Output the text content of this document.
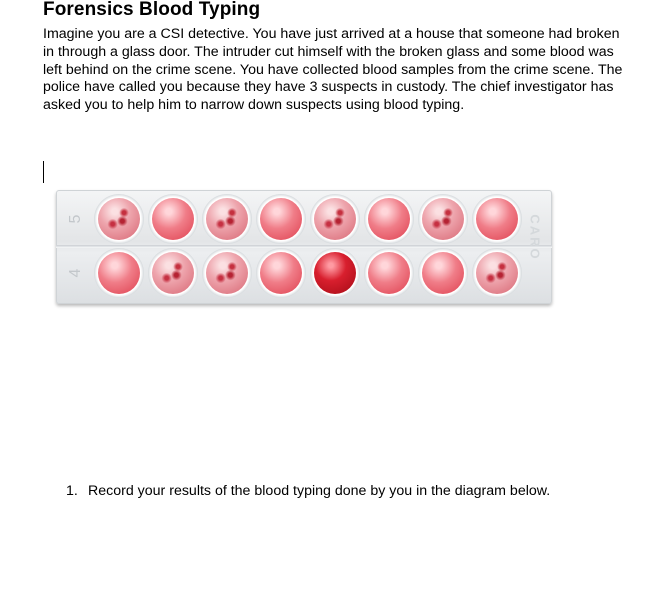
Forensics Blood Typing

Imagine you are a CSI detective. You have just arrived at a house that someone had broken in through a glass door. The intruder cut himself with the broken glass and some blood was left behind on the crime scene. You have collected blood samples from the crime scene. The police have called you because they have 3 suspects in custody. The chief investigator has asked you to help him to narrow down suspects using blood typing.

5
4
CARO

1. Record your results of the blood typing done by you in the diagram below.
